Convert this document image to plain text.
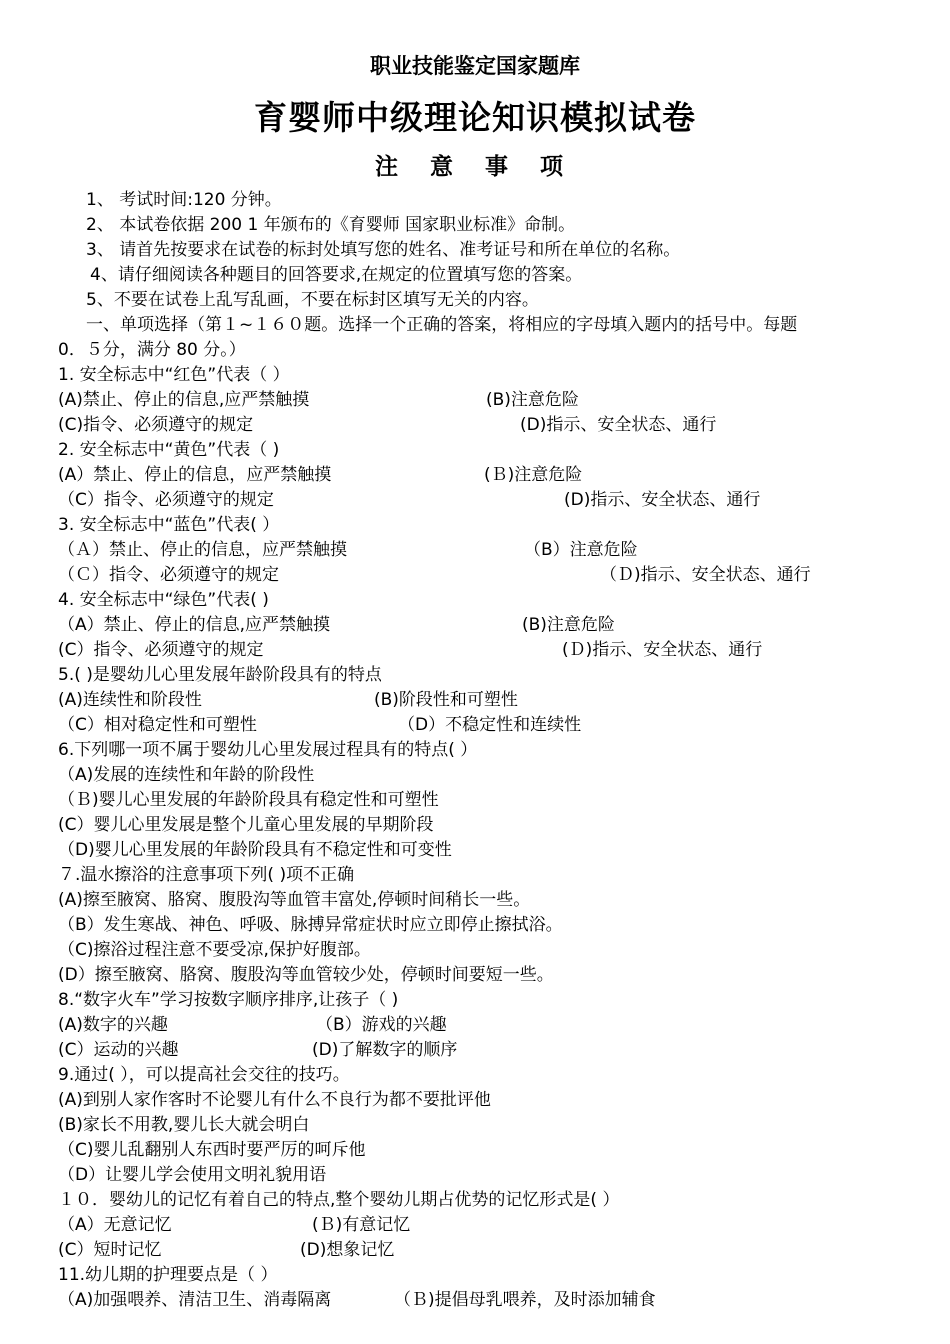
职业技能鉴定国家题库
育婴师中级理论知识模拟试卷
注 意 事 项
1、 考试时间:120 分钟。
2、 本试卷依据 200 1 年颁布的《育婴师 国家职业标准》命制。
3、 请首先按要求在试卷的标封处填写您的姓名、准考证号和所在单位的名称。
4、请仔细阅读各种题目的回答要求,在规定的位置填写您的答案。
5、不要在试卷上乱写乱画，不要在标封区填写无关的内容。
一、单项选择（第１~１６０题。选择一个正确的答案，将相应的字母填入题内的括号中。每题
0．５分，满分 80 分。）
1. 安全标志中“红色”代表（ ）
(A)禁止、停止的信息,应严禁触摸	(B)注意危险
(C)指令、必须遵守的规定	(D)指示、安全状态、通行
2. 安全标志中“黄色”代表（ )
(A）禁止、停止的信息，应严禁触摸	(Ｂ)注意危险
（C）指令、必须遵守的规定	(D)指示、安全状态、通行
3. 安全标志中“蓝色”代表( ）
（Ａ）禁止、停止的信息，应严禁触摸	（B）注意危险
（Ｃ）指令、必须遵守的规定	（Ｄ)指示、安全状态、通行
4. 安全标志中“绿色”代表( )
（A）禁止、停止的信息,应严禁触摸	(B)注意危险
(C）指令、必须遵守的规定	(Ｄ)指示、安全状态、通行
5.( )是婴幼儿心里发展年龄阶段具有的特点
(A)连续性和阶段性	(B)阶段性和可塑性
（C）相对稳定性和可塑性	（D）不稳定性和连续性
6.下列哪一项不属于婴幼儿心里发展过程具有的特点( ）
（A)发展的连续性和年龄的阶段性
（Ｂ)婴儿心里发展的年龄阶段具有稳定性和可塑性
(C）婴儿心里发展是整个儿童心里发展的早期阶段
（D)婴儿心里发展的年龄阶段具有不稳定性和可变性
７.温水擦浴的注意事项下列( )项不正确
(A)擦至腋窝、胳窝、腹股沟等血管丰富处,停顿时间稍长一些。
（B）发生寒战、神色、呼吸、脉搏异常症状时应立即停止擦拭浴。
（C)擦浴过程注意不要受凉,保护好腹部。
(D）擦至腋窝、胳窝、腹股沟等血管较少处，停顿时间要短一些。
8.“数字火车”学习按数字顺序排序,让孩子（ )
(A)数字的兴趣	（B）游戏的兴趣
(C）运动的兴趣	(D)了解数字的顺序
9.通过( ），可以提高社会交往的技巧。
(A)到别人家作客时不论婴儿有什么不良行为都不要批评他
(B)家长不用教,婴儿长大就会明白
（C)婴儿乱翻别人东西时要严厉的呵斥他
（D）让婴儿学会使用文明礼貌用语
１０．婴幼儿的记忆有着自己的特点,整个婴幼儿期占优势的记忆形式是( ）
（A）无意记忆	(Ｂ)有意记忆
(C）短时记忆	(D)想象记忆
11.幼儿期的护理要点是（ ）
（A)加强喂养、清洁卫生、消毒隔离	（Ｂ)提倡母乳喂养，及时添加辅食
